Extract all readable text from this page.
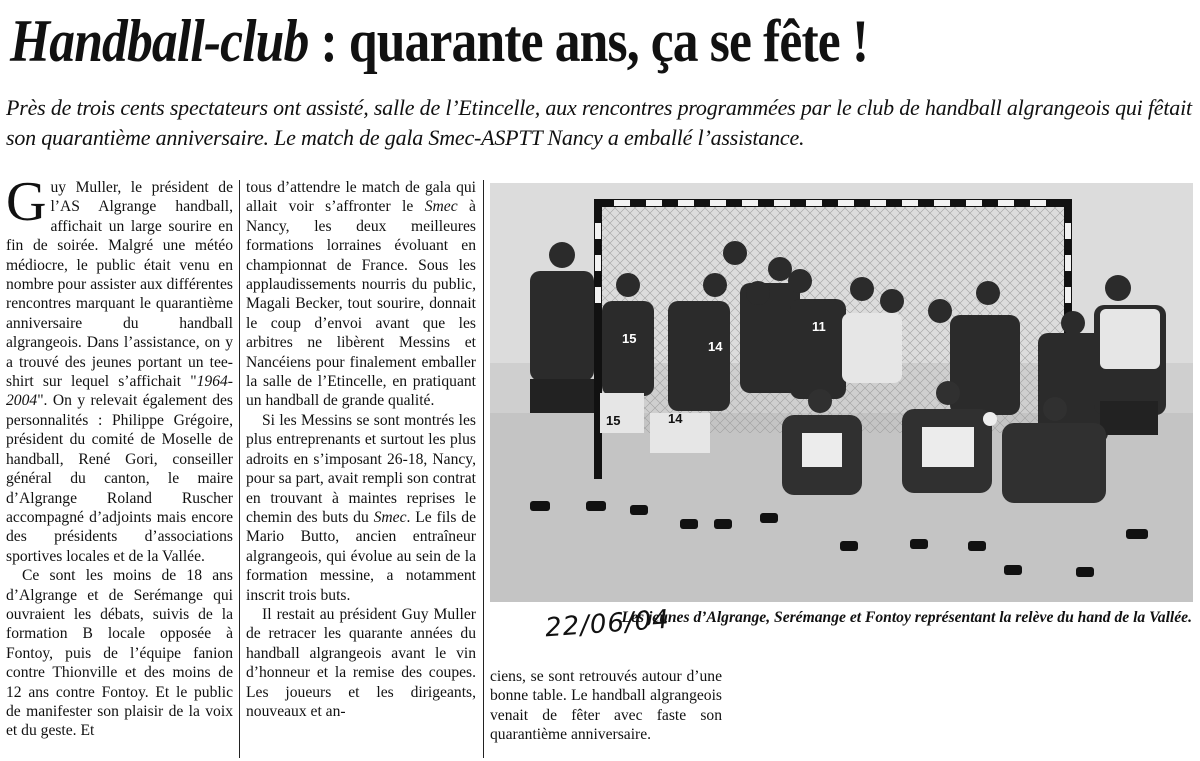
Handball-club : quarante ans, ça se fête !
Près de trois cents spectateurs ont assisté, salle de l’Etincelle, aux rencontres programmées par le club de handball algrangeois qui fêtait son quarantième anniversaire. Le match de gala Smec-ASPTT Nancy a emballé l’assistance.

Guy Muller, le président de l’AS Algrange handball, affichait un large sourire en fin de soirée. Malgré une météo médiocre, le public était venu en nombre pour assister aux différentes rencontres marquant le quarantième anniversaire du handball algrangeois. Dans l’assistance, on y a trouvé des jeunes portant un tee-shirt sur lequel s’affichait "1964-2004". On y relevait également des personnalités : Philippe Grégoire, président du comité de Moselle de handball, René Gori, conseiller général du canton, le maire d’Algrange Roland Ruscher accompagné d’adjoints mais encore des présidents d’associations sportives locales et de la Vallée.

Ce sont les moins de 18 ans d’Algrange et de Serémange qui ouvraient les débats, suivis de la formation B locale opposée à Fontoy, puis de l’équipe fanion contre Thionville et des moins de 12 ans contre Fontoy. Et le public de manifester son plaisir de la voix et du geste. Et

tous d’attendre le match de gala qui allait voir s’affronter le Smec à Nancy, les deux meilleures formations lorraines évoluant en championnat de France. Sous les applaudissements nourris du public, Magali Becker, tout sourire, donnait le coup d’envoi avant que les arbitres ne libèrent Messins et Nancéiens pour finalement emballer la salle de l’Etincelle, en pratiquant un handball de grande qualité.

Si les Messins se sont montrés les plus entreprenants et surtout les plus adroits en s’imposant 26-18, Nancy, pour sa part, avait rempli son contrat en trouvant à maintes reprises le chemin des buts du Smec. Le fils de Mario Butto, ancien entraîneur algrangeois, qui évolue au sein de la formation messine, a notamment inscrit trois buts.

Il restait au président Guy Muller de retracer les quarante années du handball algrangeois avant le vin d’honneur et la remise des coupes. Les joueurs et les dirigeants, nouveaux et an-

15
14
11
15	14
22/06/04
Les jeunes d’Algrange, Serémange et Fontoy représentant la relève du hand de la Vallée.

ciens, se sont retrouvés autour d’une bonne table. Le handball algrangeois venait de fêter avec faste son quarantième anniversaire.
